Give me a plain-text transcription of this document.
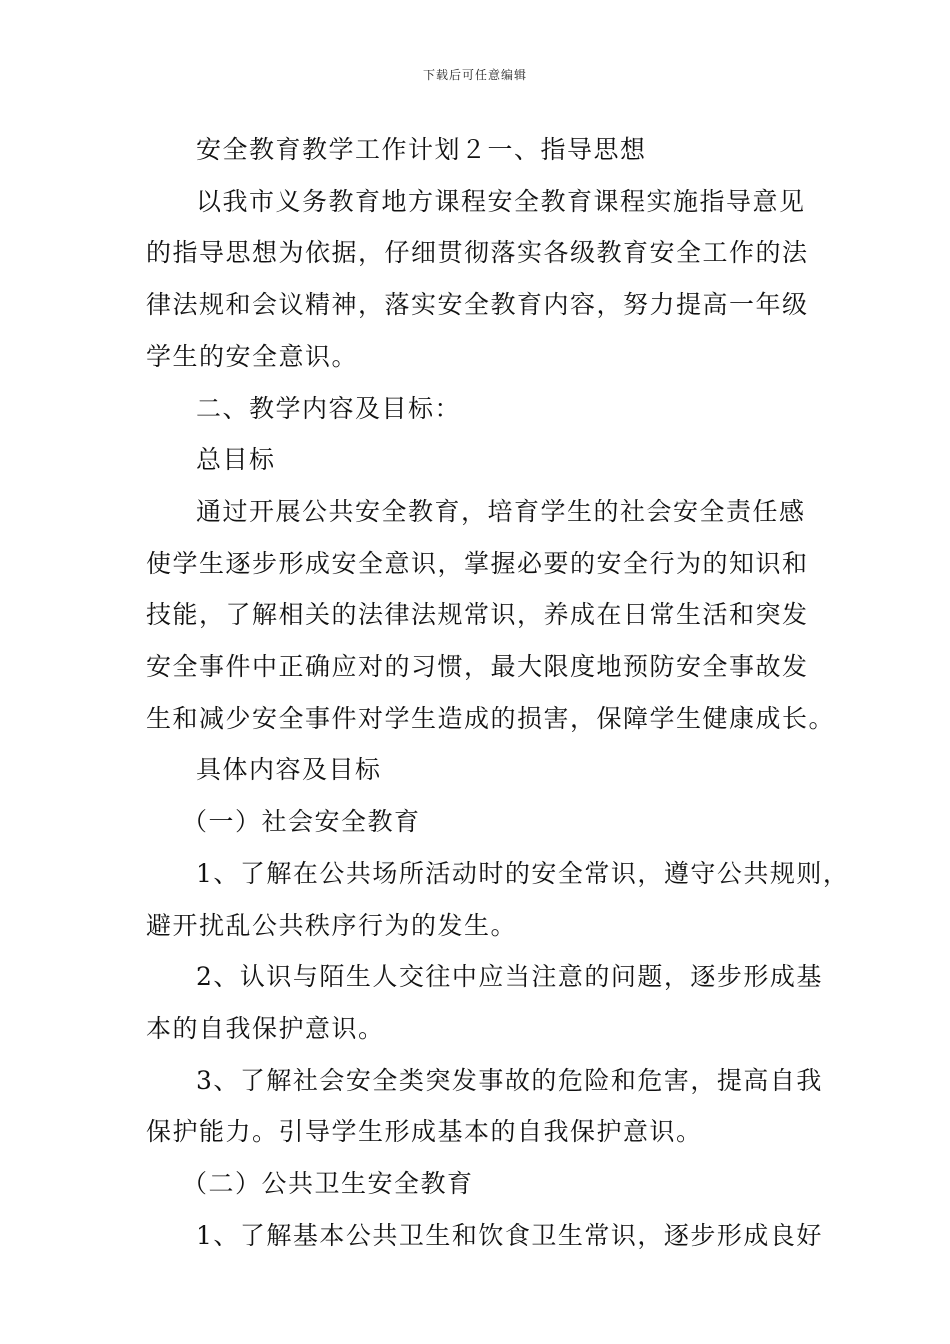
下载后可任意编辑

安全教育教学工作计划２一、指导思想

以我市义务教育地方课程安全教育课程实施指导意见

的指导思想为依据，仔细贯彻落实各级教育安全工作的法

律法规和会议精神，落实安全教育内容，努力提高一年级

学生的安全意识。

二、教学内容及目标：

总目标

通过开展公共安全教育，培育学生的社会安全责任感

使学生逐步形成安全意识，掌握必要的安全行为的知识和

技能，了解相关的法律法规常识，养成在日常生活和突发

安全事件中正确应对的习惯，最大限度地预防安全事故发

生和减少安全事件对学生造成的损害，保障学生健康成长。

具体内容及目标

（一）社会安全教育

1、了解在公共场所活动时的安全常识，遵守公共规则，

避开扰乱公共秩序行为的发生。

2、认识与陌生人交往中应当注意的问题，逐步形成基

本的自我保护意识。

3、了解社会安全类突发事故的危险和危害，提高自我

保护能力。引导学生形成基本的自我保护意识。

（二）公共卫生安全教育

1、了解基本公共卫生和饮食卫生常识，逐步形成良好
